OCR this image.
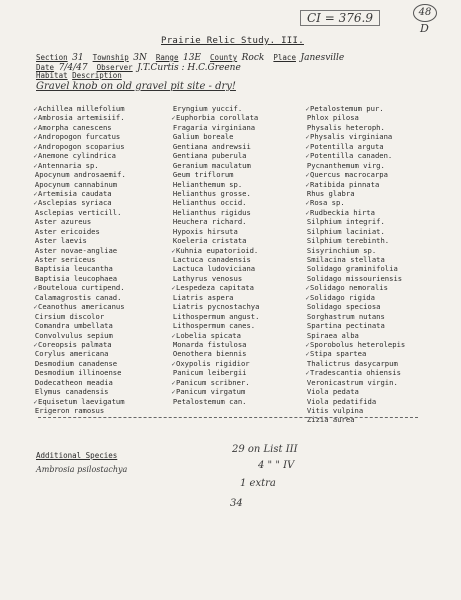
CI = 376.9	48
D
Prairie Relic Study. III.
Section 31 Township 3N Range 13E County Rock Place Janesville
Date 7/4/47 Observer J.T.Curtis : H.C.Greene
Habitat Description
Gravel knob on old gravel pit site - dry!
✓Achillea millefolium
✓Ambrosia artemisiif.
✓Amorpha canescens
✓Andropogon furcatus
✓Andropogon scoparius
✓Anemone cylindrica
✓Antennaria sp.
Apocynum androsaemif.
Apocynum cannabinum
✓Artemisia caudata
✓Asclepias syriaca
Asclepias verticill.
Aster azureus
Aster ericoides
Aster laevis
Aster novae-angliae
Aster sericeus
Baptisia leucantha
Baptisia leucophaea
✓Bouteloua curtipend.
Calamagrostis canad.
✓Ceanothus americanus
Cirsium discolor
Comandra umbellata
Convolvulus sepium
✓Coreopsis palmata
Corylus americana
Desmodium canadense
Desmodium illinoense
Dodecatheon meadia
Elymus canadensis
✓Equisetum laevigatum
Erigeron ramosus
Eryngium yuccif.
✓Euphorbia corollata
Fragaria virginiana
Galium boreale
Gentiana andrewsii
Gentiana puberula
Geranium maculatum
Geum triflorum
Helianthemum sp.
Helianthus grosse.
Helianthus occid.
Helianthus rigidus
Heuchera richard.
Hypoxis hirsuta
Koeleria cristata
✓Kuhnia eupatorioid.
Lactuca canadensis
Lactuca ludoviciana
Lathyrus venosus
✓Lespedeza capitata
Liatris aspera
Liatris pycnostachya
Lithospermum angust.
Lithospermum canes.
✓Lobelia spicata
Monarda fistulosa
Oenothera biennis
✓Oxypolis rigidior
Panicum leibergii
✓Panicum scribner.
✓Panicum virgatum
Petalostemum can.
✓Petalostemum pur.
Phlox pilosa
Physalis heteroph.
✓Physalis virginiana
✓Potentilla arguta
✓Potentilla canaden.
Pycnanthemum virg.
✓Quercus macrocarpa
✓Ratibida pinnata
Rhus glabra
✓Rosa sp.
✓Rudbeckia hirta
Silphium integrif.
Silphium laciniat.
Silphium terebinth.
Sisyrinchium sp.
Smilacina stellata
Solidago graminifolia
Solidago missouriensis
✓Solidago nemoralis
✓Solidago rigida
Solidago speciosa
Sorghastrum nutans
Spartina pectinata
Spiraea alba
✓Sporobolus heterolepis
✓Stipa spartea
Thalictrus dasycarpum
✓Tradescantia ohiensis
Veronicastrum virgin.
Viola pedata
Viola pedatifida
Vitis vulpina
Zizia aurea
Additional Species
Ambrosia psilostachya
29 on List III
4 " " IV
1 extra
34
